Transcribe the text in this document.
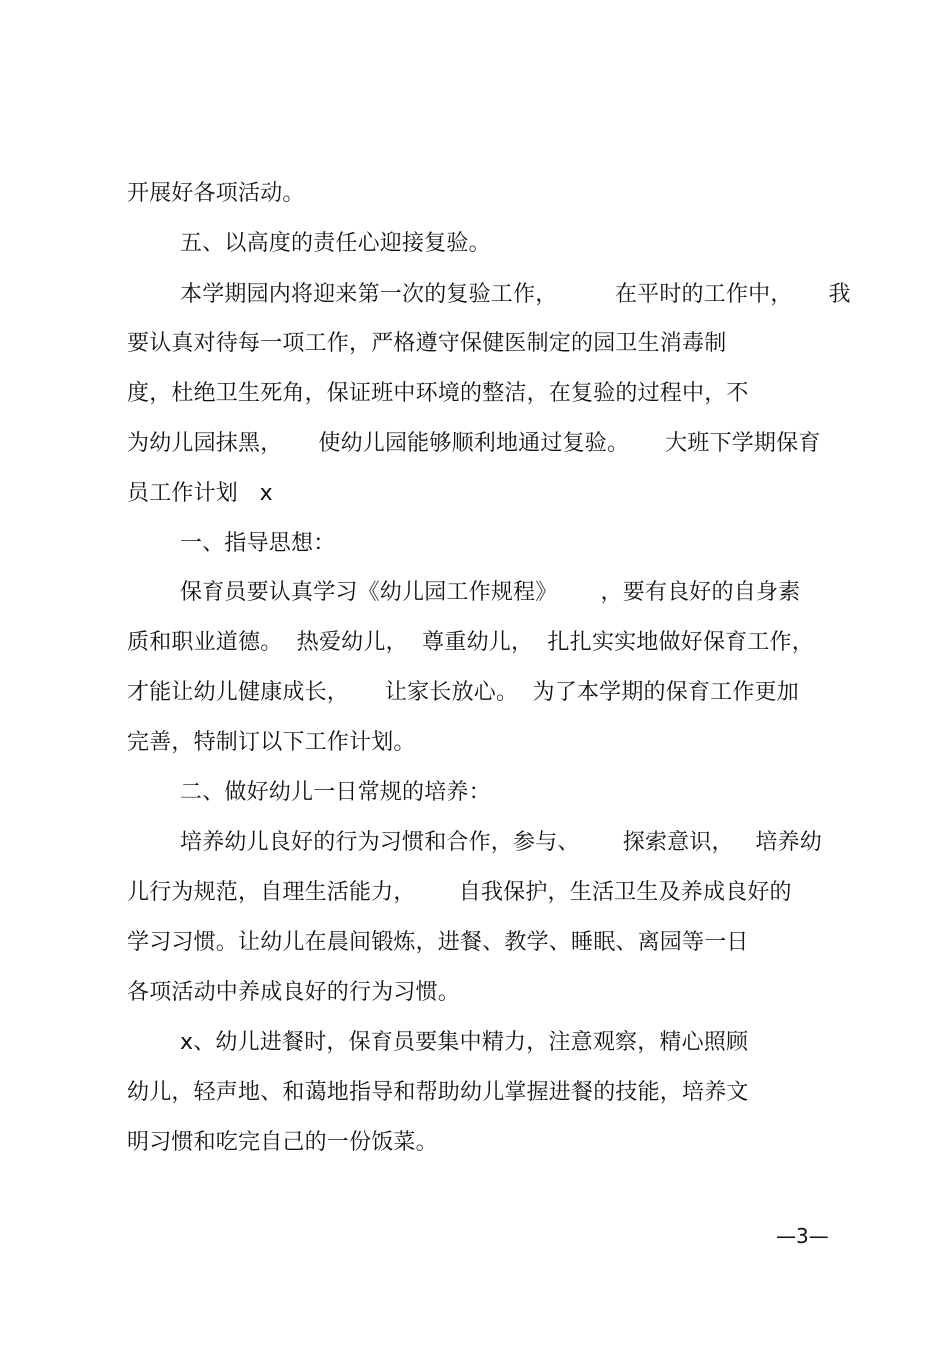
开展好各项活动。
五、以高度的责任心迎接复验。
本学期园内将迎来第一次的复验工作，        在平时的工作中，     我
要认真对待每一项工作，严格遵守保健医制定的园卫生消毒制
度，杜绝卫生死角，保证班中环境的整洁，在复验的过程中，不
为幼儿园抹黑，     使幼儿园能够顺利地通过复验。     大班下学期保育
员工作计划   x
一、指导思想：
保育员要认真学习《幼儿园工作规程》      ，要有良好的自身素
质和职业道德。  热爱幼儿，  尊重幼儿，  扎扎实实地做好保育工作，
才能让幼儿健康成长，     让家长放心。  为了本学期的保育工作更加
完善，特制订以下工作计划。
二、做好幼儿一日常规的培养：
培养幼儿良好的行为习惯和合作，参与、      探索意识，   培养幼
儿行为规范，自理生活能力，      自我保护，生活卫生及养成良好的
学习习惯。让幼儿在晨间锻炼，进餐、教学、睡眠、离园等一日
各项活动中养成良好的行为习惯。
x、幼儿进餐时，保育员要集中精力，注意观察，精心照顾
幼儿，轻声地、和蔼地指导和帮助幼儿掌握进餐的技能，培养文
明习惯和吃完自己的一份饭菜。
—3—
